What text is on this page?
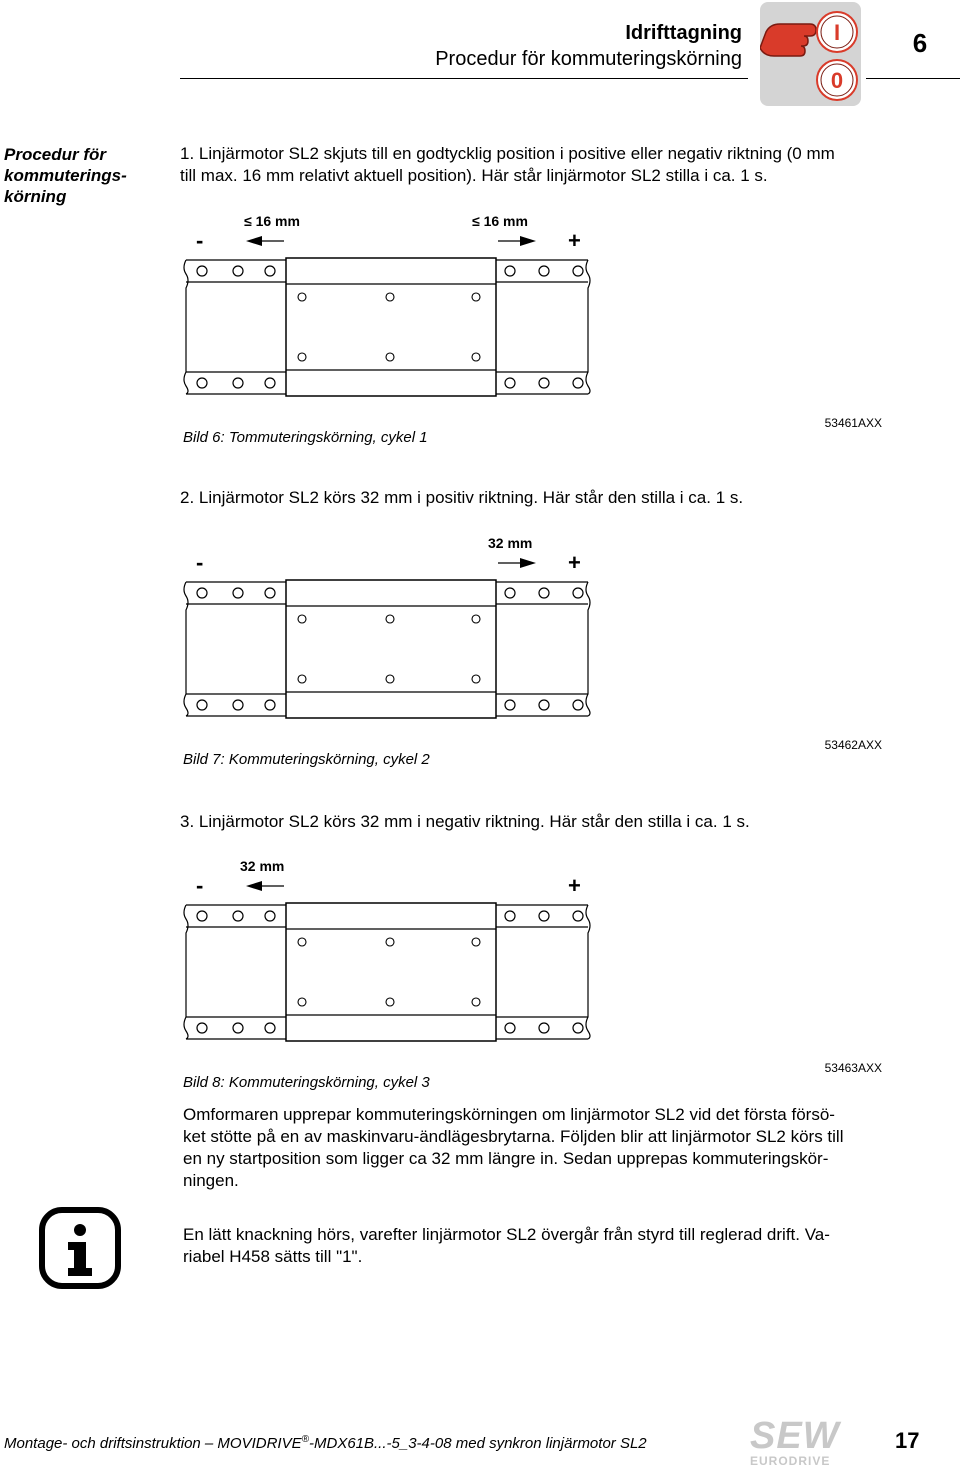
Idrifttagning
Procedur för kommuteringskörning
I
0
6
Procedur för
kommuterings-
körning
1. Linjärmotor SL2 skjuts till en godtycklig position i positive eller negativ riktning (0 mm
till max. 16 mm relativt aktuell position). Här står linjärmotor SL2 stilla i ca. 1 s.
-	+
≤ 16 mm	≤ 16 mm
Bild 6: Tommuteringskörning, cykel 1
53461AXX
2. Linjärmotor SL2 körs 32 mm i positiv riktning. Här står den stilla i ca. 1 s.
-	+
32 mm
Bild 7: Kommuteringskörning, cykel 2
53462AXX
3. Linjärmotor SL2 körs 32 mm i negativ riktning. Här står den stilla i ca. 1 s.
-	+
32 mm
Bild 8: Kommuteringskörning, cykel 3
53463AXX
Omformaren upprepar kommuteringskörningen om linjärmotor SL2 vid det första försö-
ket stötte på en av maskinvaru-ändlägesbrytarna. Följden blir att linjärmotor SL2 körs till
en ny startposition som ligger ca 32 mm längre in. Sedan upprepas kommuteringskör-
ningen.
En lätt knackning hörs, varefter linjärmotor SL2 övergår från styrd till reglerad drift. Va-
riabel H458 sätts till "1".
Montage- och driftsinstruktion – MOVIDRIVE®-MDX61B...-5_3-4-08 med synkron linjärmotor SL2	SEW
EURODRIVE
17
